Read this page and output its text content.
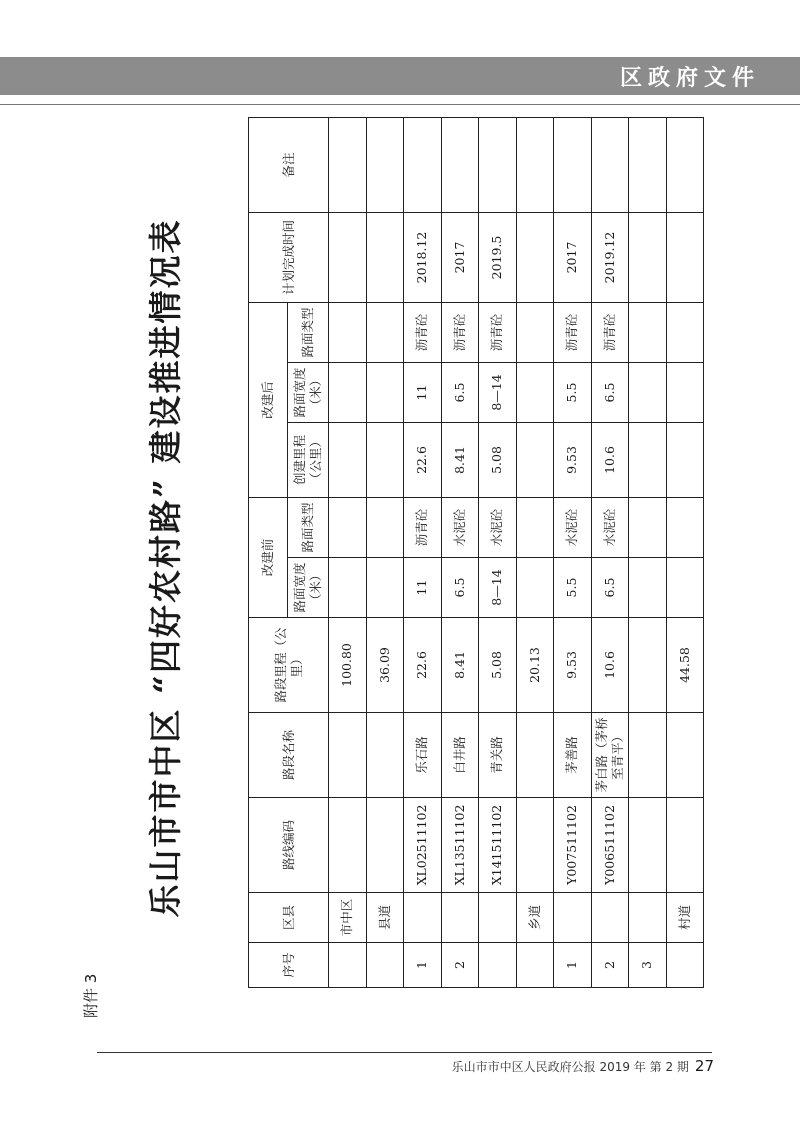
区政府文件
附件 3
乐山市市中区 “四好农村路” 建设推进情况表
序号	区县	路线编码	路段名称	路段里程（公里）	改建前		改建后			计划完成时间	备注
					路面宽度（米）	路面类型	创建里程（公里）	路面宽度（米）	路面类型		
	市中区			100.80							
	县道			36.09							
1		XL02511102	乐石路	22.6	11	沥青砼	22.6	11	沥青砼	2018.12	
2		XL13511102	白井路	8.41	6.5	水泥砼	8.41	6.5	沥青砼	2017	
		X141511102	青关路	5.08	8—14	水泥砼	5.08	8—14	沥青砼	2019.5	
	乡道			20.13							
1		Y007511102	茅善路	9.53	5.5	水泥砼	9.53	5.5	沥青砼	2017	
2		Y006511102	茅白路（茅桥至青平）	10.6	6.5	水泥砼	10.6	6.5	沥青砼	2019.12	
3											
	村道			44.58							
乐山市市中区人民政府公报 2019 年 第 2 期 27
